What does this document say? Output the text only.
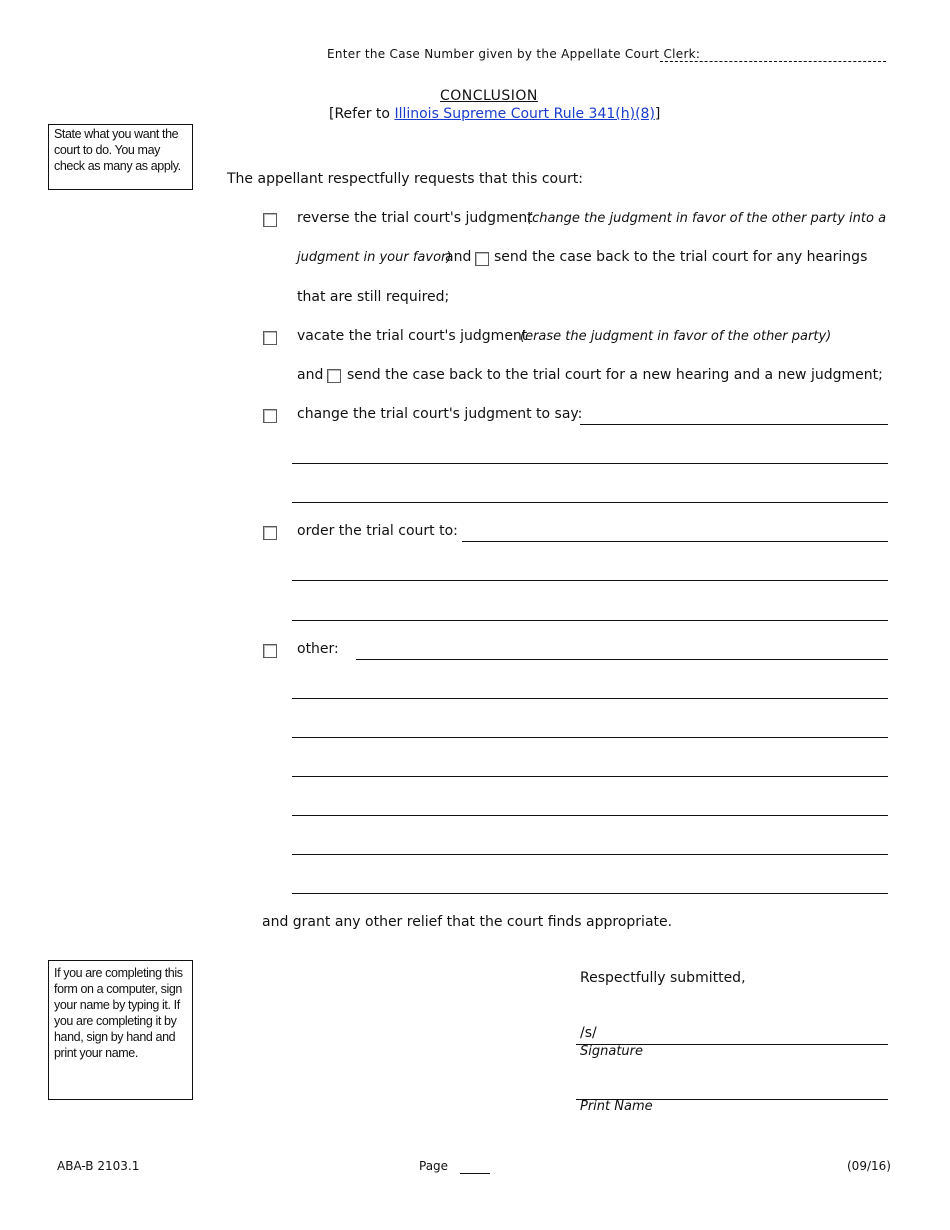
Enter the Case Number given by the Appellate Court Clerk:
CONCLUSION
[Refer to Illinois Supreme Court Rule 341(h)(8)]
State what you want the court to do. You may check as many as apply.
The appellant respectfully requests that this court:
reverse the trial court's judgment
(change the judgment in favor of the other party into a
judgment in your favor)
and send the case back to the trial court for any hearings
that are still required;
vacate the trial court's judgment
(erase the judgment in favor of the other party)
and send the case back to the trial court for a new hearing and a new judgment;
change the trial court's judgment to say:
order the trial court to:
other:
and grant any other relief that the court finds appropriate.
If you are completing this form on a computer, sign your name by typing it. If you are completing it by hand, sign by hand and print your name.
Respectfully submitted,
/s/
Signature
Print Name
ABA-B 2103.1	Page	(09/16)
